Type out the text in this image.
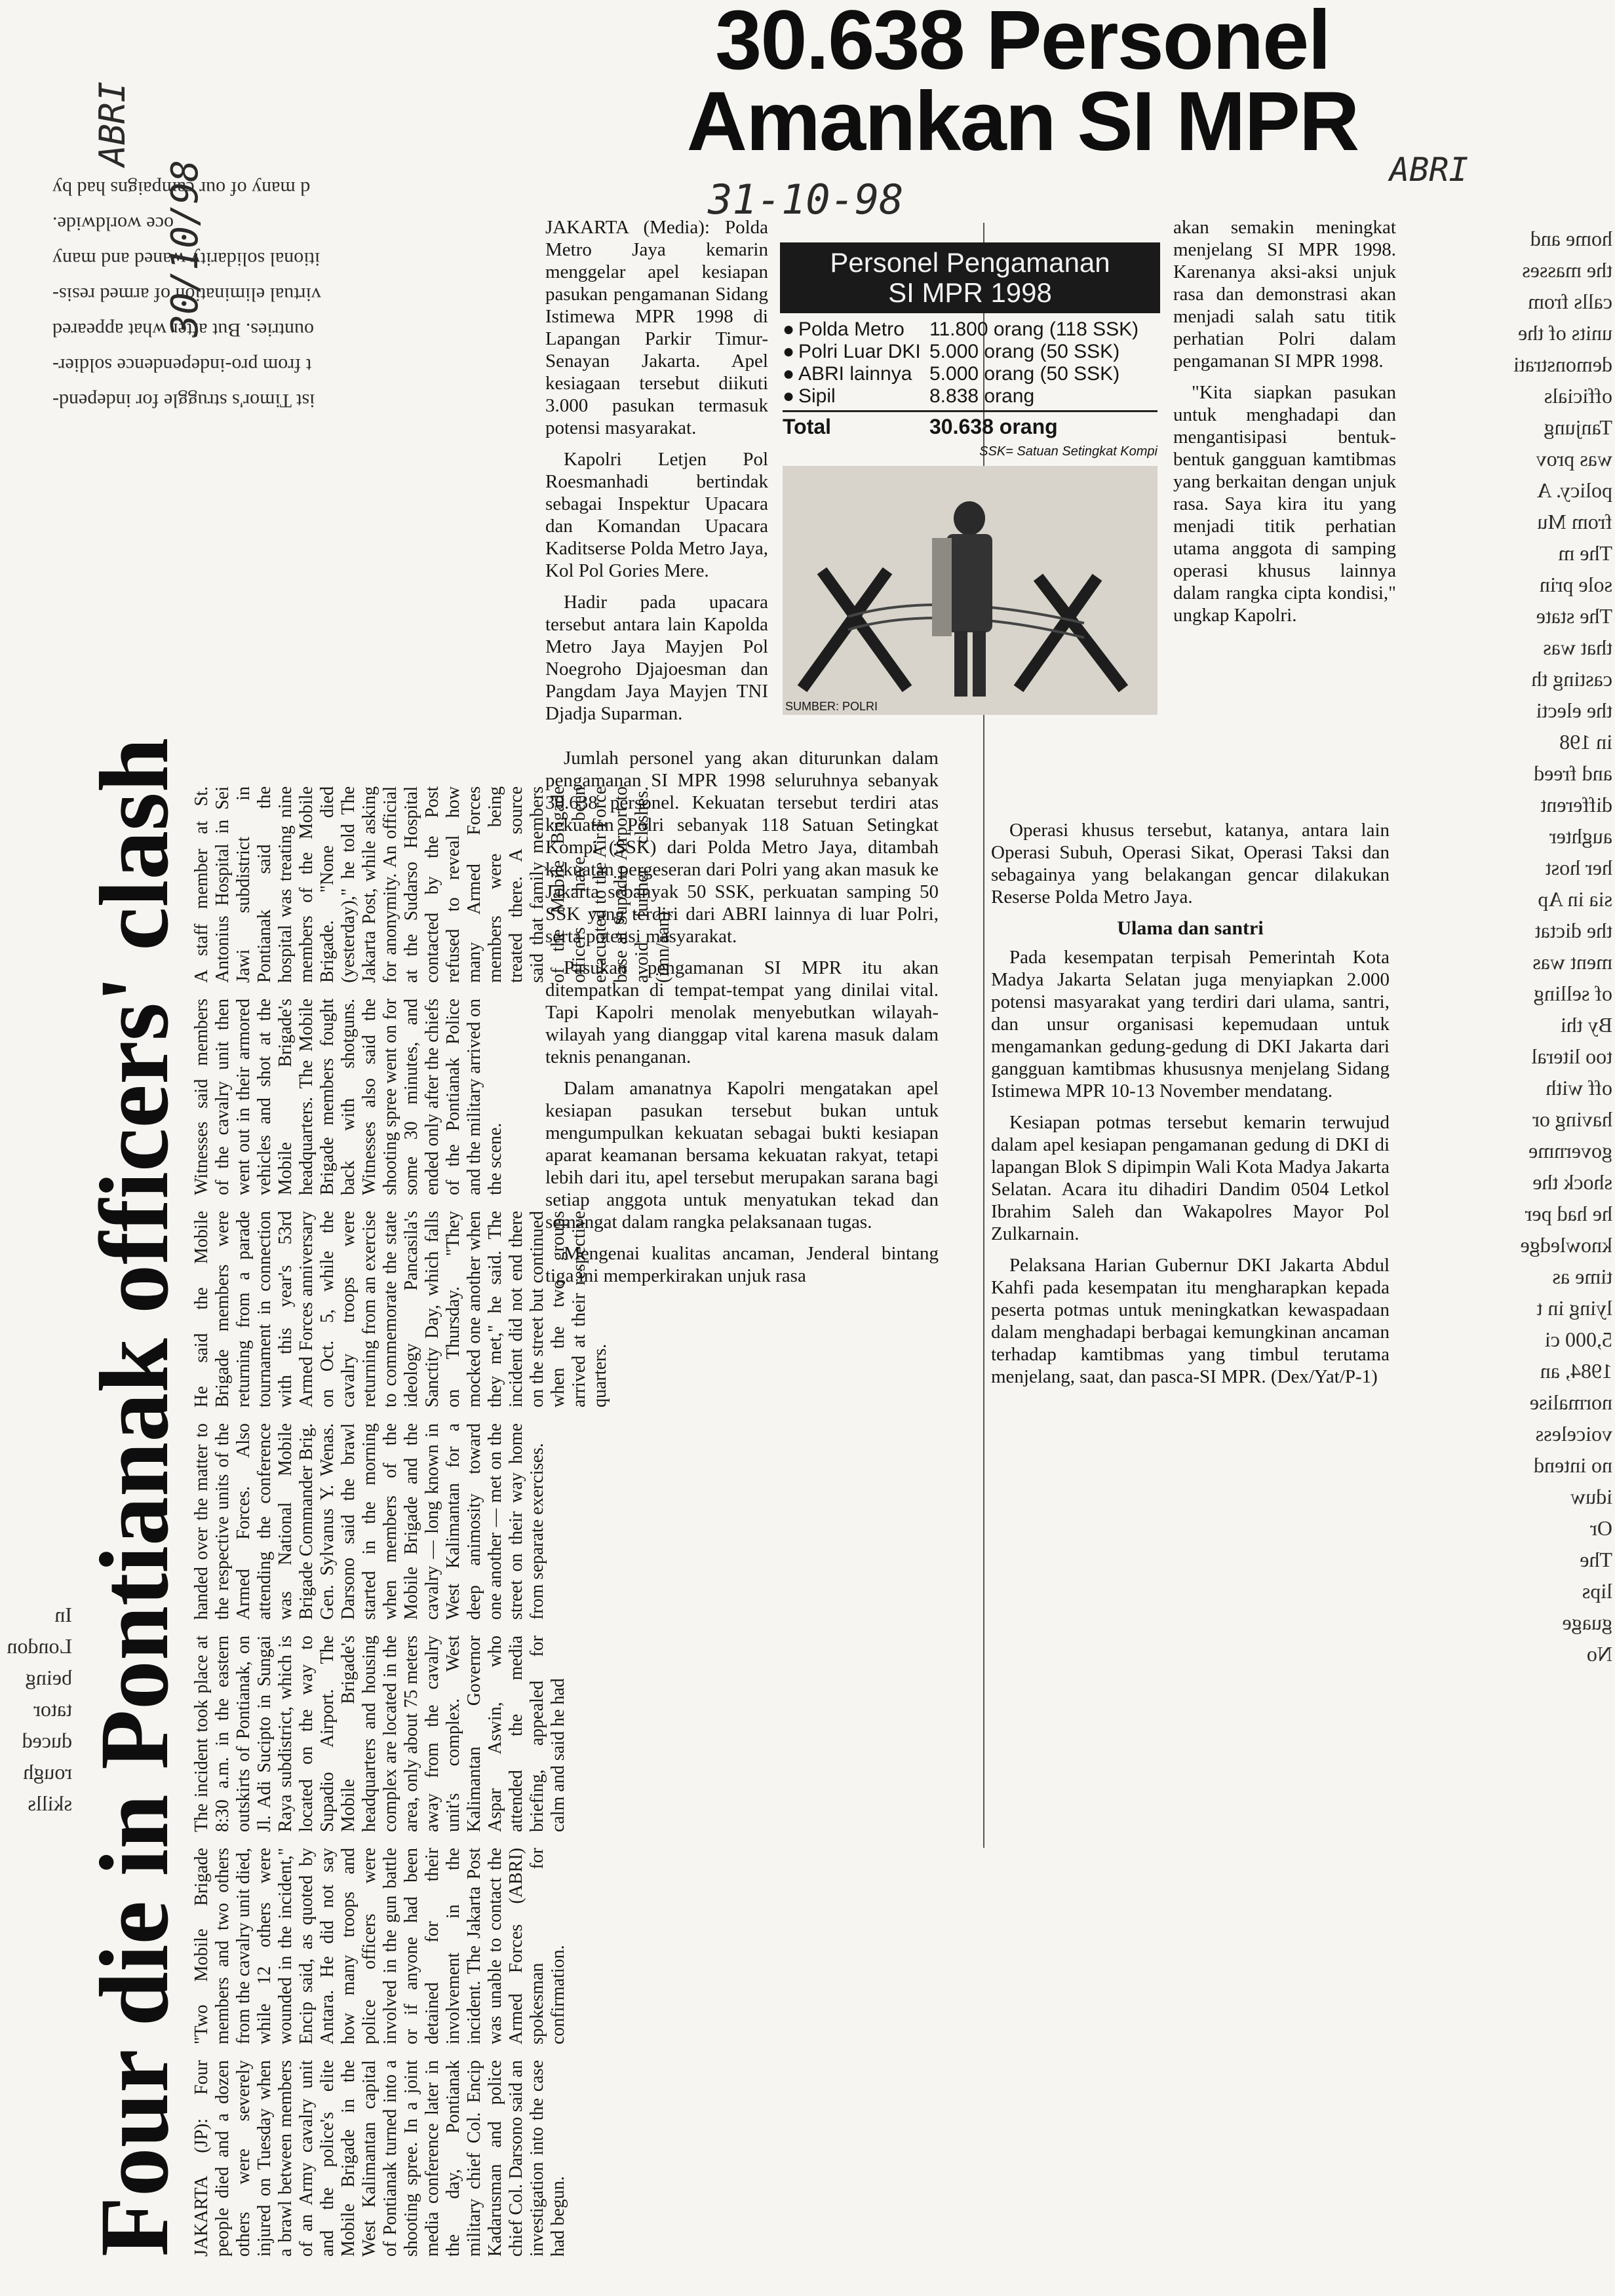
30.638 Personel
Amankan SI MPR
31-10-98
ABRI

JAKARTA (Media): Polda Metro Jaya kemarin menggelar apel kesiapan pasukan pengamanan Sidang Istimewa MPR 1998 di Lapangan Parkir Timur-Senayan Jakarta. Apel kesiagaan tersebut diikuti 3.000 pasukan termasuk potensi masyarakat.

Kapolri Letjen Pol Roesmanhadi bertindak sebagai Inspektur Upacara dan Komandan Upacara Kaditsersе Polda Metro Jaya, Kol Pol Gories Mere.

Hadir pada upacara tersebut antara lain Kapolda Metro Jaya Mayjen Pol Noegroho Djajoesman dan Pangdam Jaya Mayjen TNI Djadja Suparman.

Personel Pengamanan
SI MPR 1998
● Polda Metro	11.800 orang (118 SSK)
● Polri Luar DKI 5.000 orang (50 SSK)
● ABRI lainnya 5.000 orang (50 SSK)
● Sipil	8.838 orang
Total	30.638 orang
SSK= Satuan Setingkat Kompi
SUMBER: POLRI

Jumlah personel yang akan diturunkan dalam pengamanan SI MPR 1998 seluruhnya sebanyak 30.638 personel. Kekuatan tersebut terdiri atas kekuatan Polri sebanyak 118 Satuan Setingkat Kompi (SSK) dari Polda Metro Jaya, ditambah kekuatan pergeseran dari Polri yang akan masuk ke Jakarta sebanyak 50 SSK, perkuatan samping 50 SSK yang terdiri dari ABRI lainnya di luar Polri, serta potensi masyarakat.

Pasukan pengamanan SI MPR itu akan ditempatkan di tempat-tempat yang dinilai vital. Tapi Kapolri menolak menyebutkan wilayah-wilayah yang dianggap vital karena masuk dalam teknis penanganan.

Dalam amanatnya Kapolri mengatakan apel kesiapan pasukan tersebut bukan untuk mengumpulkan kekuatan sebagai bukti kesiapan aparat keamanan bersama kekuatan rakyat, tetapi lebih dari itu, apel tersebut merupakan sarana bagi setiap anggota untuk menyatukan tekad dan semangat dalam rangka pelaksanaan tugas.

Mengenai kualitas ancaman, Jenderal bintang tiga ini memperkirakan unjuk rasa

akan semakin meningkat menjelang SI MPR 1998. Karenanya aksi-aksi unjuk rasa dan demonstrasi akan menjadi salah satu titik perhatian Polri dalam pengamanan SI MPR 1998.

"Kita siapkan pasukan untuk menghadapi dan mengantisipasi bentuk-bentuk gangguan kamtibmas yang berkaitan dengan unjuk rasa. Saya kira itu yang menjadi titik perhatian utama anggota di samping operasi khusus lainnya dalam rangka cipta kondisi," ungkap Kapolri.

Operasi khusus tersebut, katanya, antara lain Operasi Subuh, Operasi Sikat, Operasi Taksi dan sebagainya yang belakangan gencar dilakukan Reserse Polda Metro Jaya.

Ulama dan santri

Pada kesempatan terpisah Pemerintah Kota Madya Jakarta Selatan juga menyiapkan 2.000 potensi masyarakat yang terdiri dari ulama, santri, dan unsur organisasi kepemudaan untuk mengamankan gedung-gedung di DKI Jakarta dari gangguan kamtibmas khususnya menjelang Sidang Istimewa MPR 10-13 November mendatang.

Kesiapan potmas tersebut kemarin terwujud dalam apel kesiapan pengamanan gedung di DKI di lapangan Blok S dipimpin Wali Kota Madya Jakarta Selatan. Acara itu dihadiri Dandim 0504 Letkol Ibrahim Saleh dan Wakapolres Mayor Pol Zulkarnain.

Pelaksana Harian Gubernur DKI Jakarta Abdul Kahfi pada kesempatan itu mengharapkan kepada peserta potmas untuk meningkatkan kewaspadaan dalam menghadapi berbagai kemungkinan ancaman terhadap kamtibmas yang timbul terutama menjelang, saat, dan pasca-SI MPR. (Dex/Yat/P-1)

Four die in Pontianak officers' clash
30/10/98
ABRI
JAKARTA (JP): Four people died and a dozen others were severely injured on Tuesday when a brawl between members of an Army cavalry unit and the police's elite Mobile Brigade in the West Kalimantan capital of Pontianak turned into a shooting spree. In a joint media conference later in the day, Pontianak military chief Col. Encip Kadarusman and police chief Col. Darsono said an investigation into the case had begun.
"Two Mobile Brigade members and two others from the cavalry unit died, while 12 others were wounded in the incident," Encip said, as quoted by Antara. He did not say how many troops and police officers were involved in the gun battle or if anyone had been detained for their involvement in the incident. The Jakarta Post was unable to contact the Armed Forces (ABRI) spokesman for confirmation.
The incident took place at 8:30 a.m. in the eastern outskirts of Pontianak, on Jl. Adi Sucipto in Sungai Raya subdistrict, which is located on the way to Supadio Airport. The Mobile Brigade's headquarters and housing complex are located in the area, only about 75 meters away from the cavalry unit's complex. West Kalimantan Governor Aspar Aswin, who attended the media briefing, appealed for calm and said he had
handed over the matter to the respective units of the Armed Forces. Also attending the conference was National Mobile Brigade Commander Brig. Gen. Sylvanus Y. Wenas. Darsono said the brawl started in the morning when members of the Mobile Brigade and the cavalry — long known in West Kalimantan for a deep animosity toward one another — met on the street on their way home from separate exercises.
He said the Mobile Brigade members were returning from a parade tournament in connection with this year's 53rd Armed Forces anniversary on Oct. 5, while the cavalry troops were returning from an exercise to commemorate the state ideology Pancasila's Sanctity Day, which falls on Thursday. "They mocked one another when they met," he said. The incident did not end there on the street but continued when the two groups arrived at their respective quarters.
Witnesses said members of the cavalry unit then went out in their armored vehicles and shot at the Mobile Brigade's headquarters. The Mobile Brigade members fought back with shotguns. Witnesses also said the shooting spree went on for some 30 minutes, and ended only after the chiefs of the Pontianak Police and the military arrived on the scene.
A staff member at St. Antonius Hospital in Sei Jawi subdistrict in Pontianak said the hospital was treating nine members of the Mobile Brigade. "None died (yesterday)," he told The Jakarta Post, while asking for anonymity. An official at the Sudarso Hospital contacted by the Post refused to reveal how many Armed Forces members were being treated there. A source said that family members of the Mobile Brigade officers have been evacuated to the Air Force base at Supadio Airport to avoid further clashes. (imn/aan)
ist Timor's struggle for independ-
t from pro-independence soldier-
ountries. But after what appeared
virtual elimination of armed resis-
itional solidarity waned and many
oce worldwide.
d many of our campaigns had by
home and
the masses
calls from
units of the
demonstrati
officials
Tanjung
was prov
policy. A
from Mu
The m
sole prin
The state
that was
casting th
the electi
in 198
and freed
different
aughter
her host
sia in Ap
the dictat
ment was
of selling
By thi
too literal
off with
having or
governme
shock the
he had per
knowledge
time as
lying in t
5,000 ci
1984, an
normalise
voiceless
no intend
iduw
Or
The
lips
guage
No
In
London
being
tator
duced
rough
skills
